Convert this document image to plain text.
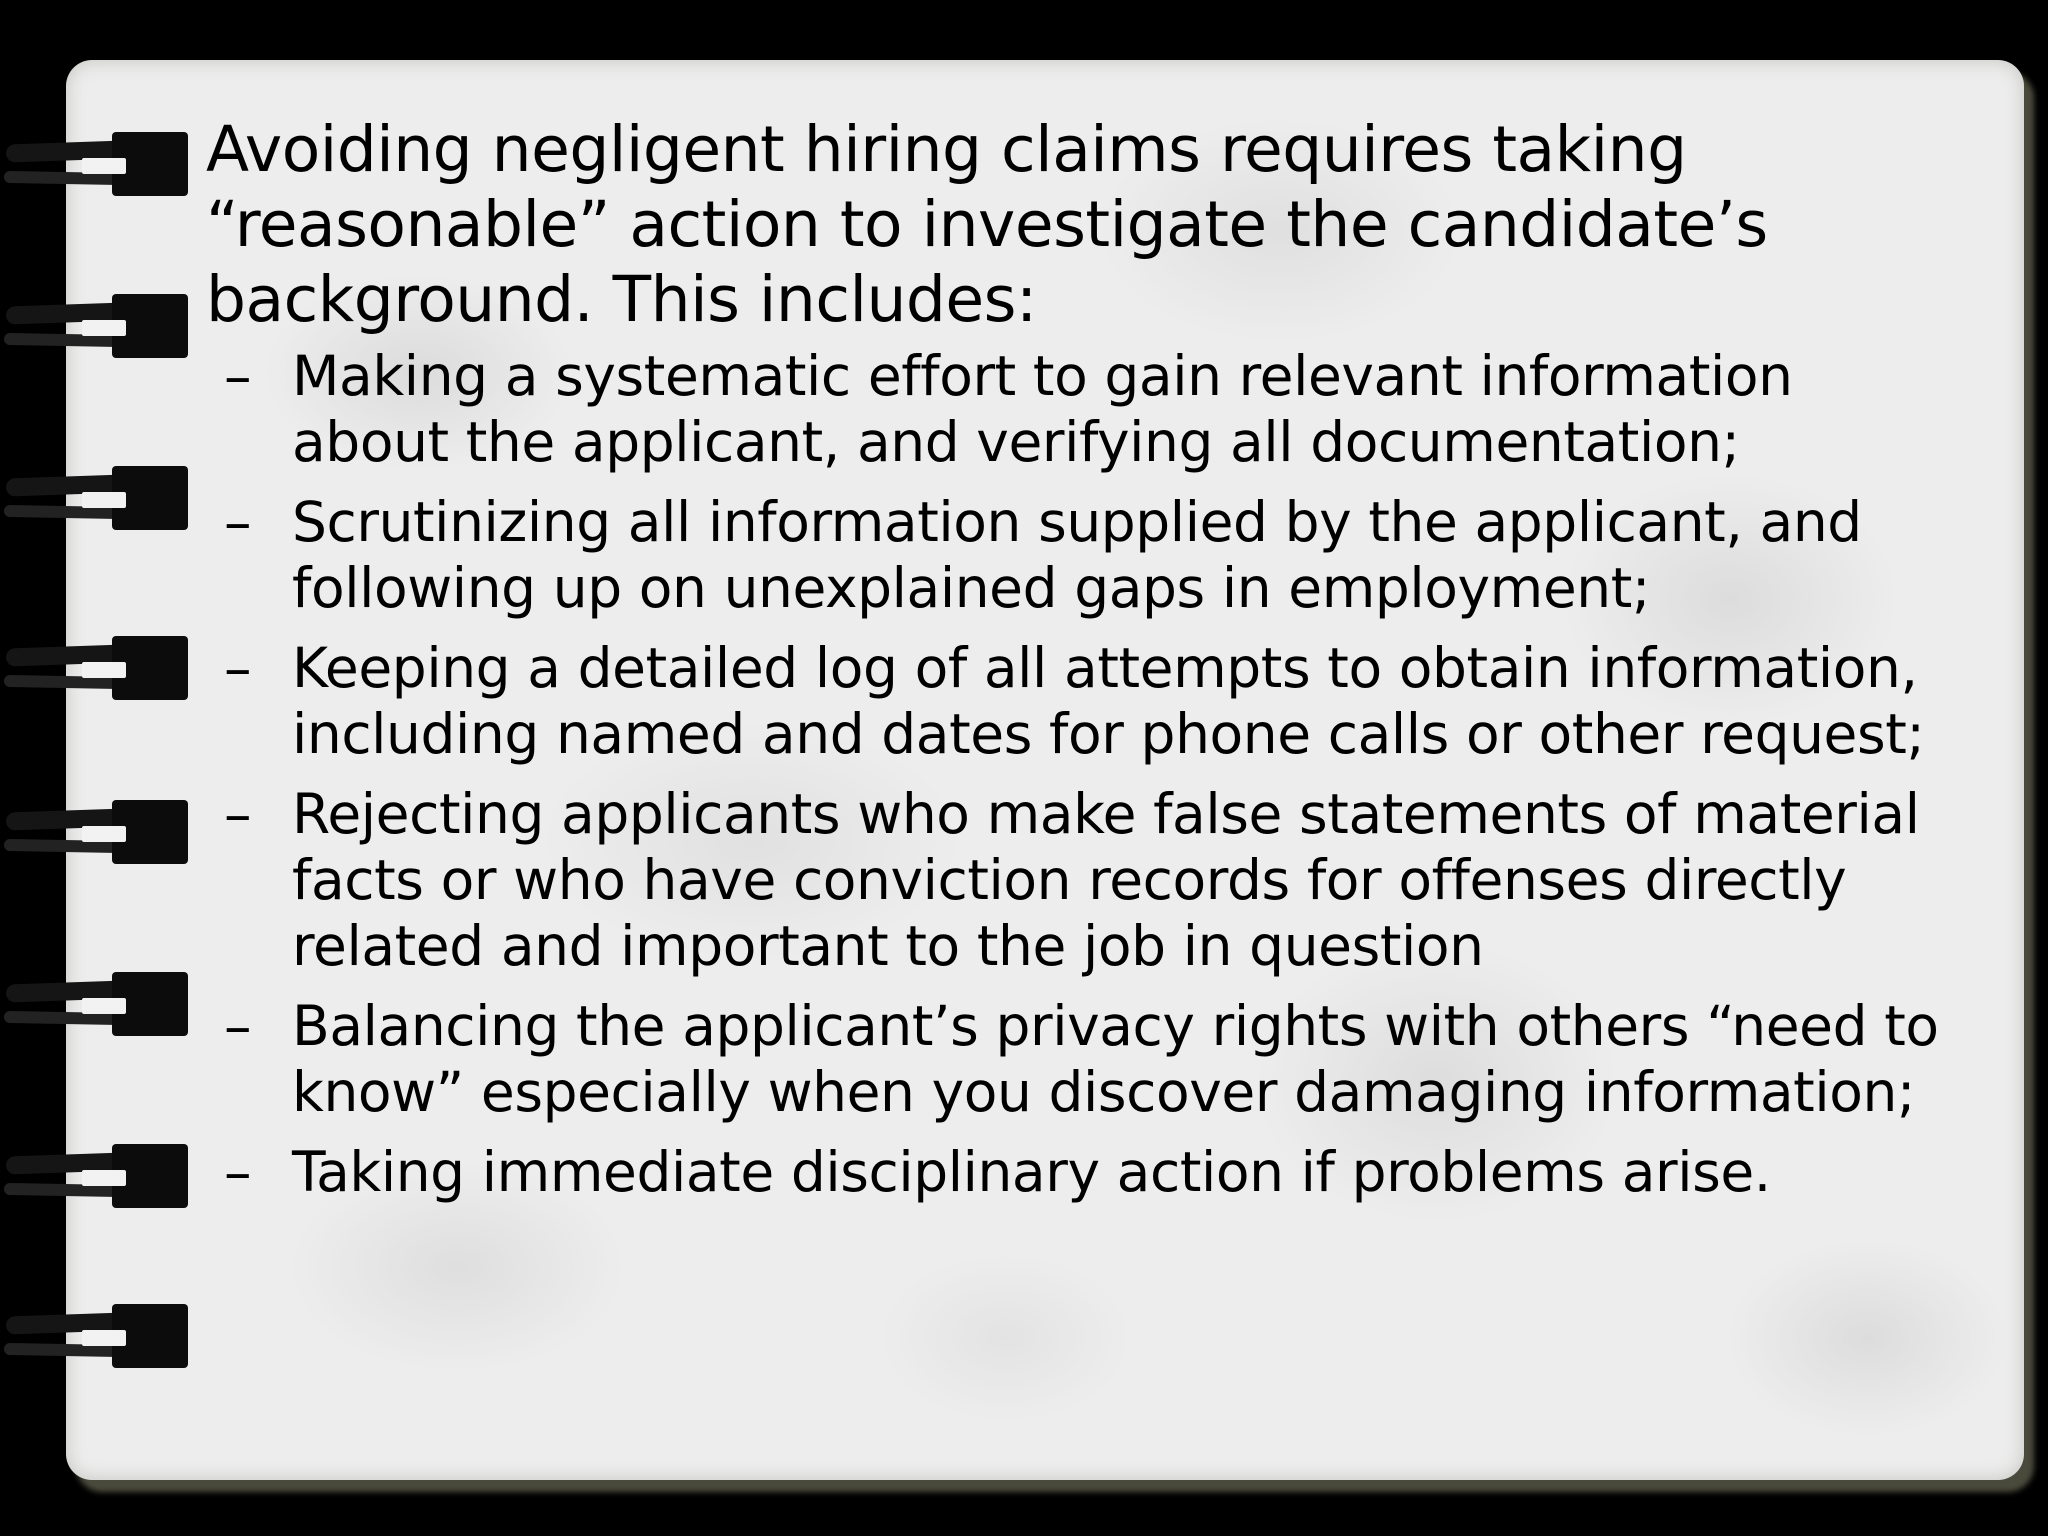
Avoiding negligent hiring claims requires taking “reasonable” action to investigate the candidate’s background. This includes:

– Making a systematic effort to gain relevant information about the applicant, and verifying all documentation;
– Scrutinizing all information supplied by the applicant, and following up on unexplained gaps in employment;
– Keeping a detailed log of all attempts to obtain information, including named and dates for phone calls or other request;
– Rejecting applicants who make false statements of material facts or who have conviction records for offenses directly related and important to the job in question
– Balancing the applicant’s privacy rights with others “need to know” especially when you discover damaging information;
– Taking immediate disciplinary action if problems arise.
